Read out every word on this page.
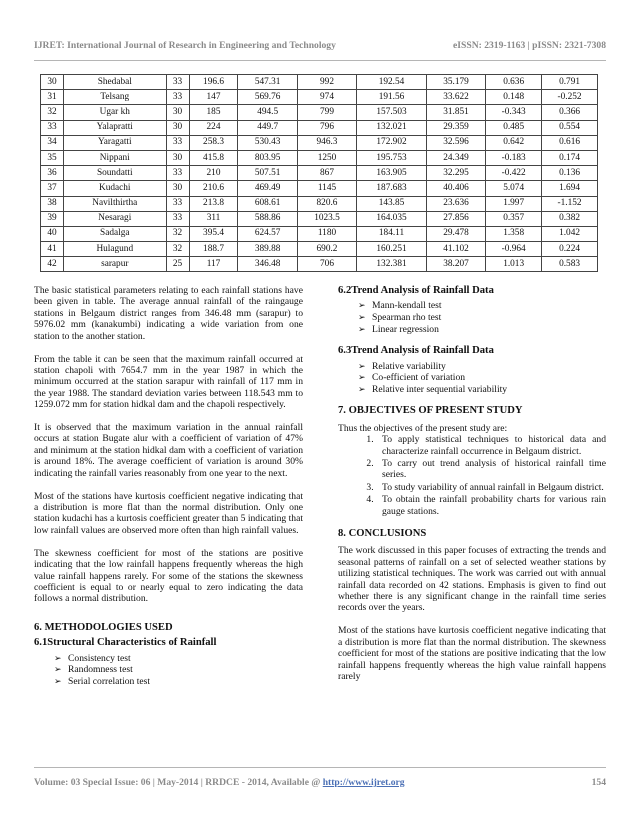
IJRET: International Journal of Research in Engineering and Technology	eISSN: 2319-1163 | pISSN: 2321-7308
30	Shedabal	33	196.6	547.31	992	192.54	35.179	0.636	0.791
31	Telsang	33	147	569.76	974	191.56	33.622	0.148	-0.252
32	Ugar kh	30	185	494.5	799	157.503	31.851	-0.343	0.366
33	Yalapratti	30	224	449.7	796	132.021	29.359	0.485	0.554
34	Yaragatti	33	258.3	530.43	946.3	172.902	32.596	0.642	0.616
35	Nippani	30	415.8	803.95	1250	195.753	24.349	-0.183	0.174
36	Soundatti	33	210	507.51	867	163.905	32.295	-0.422	0.136
37	Kudachi	30	210.6	469.49	1145	187.683	40.406	5.074	1.694
38	Navilthirtha	33	213.8	608.61	820.6	143.85	23.636	1.997	-1.152
39	Nesaragi	33	311	588.86	1023.5	164.035	27.856	0.357	0.382
40	Sadalga	32	395.4	624.57	1180	184.11	29.478	1.358	1.042
41	Hulagund	32	188.7	389.88	690.2	160.251	41.102	-0.964	0.224
42	sarapur	25	117	346.48	706	132.381	38.207	1.013	0.583

The basic statistical parameters relating to each rainfall stations have been given in table. The average annual rainfall of the raingauge stations in Belgaum district ranges from 346.48 mm (sarapur) to 5976.02 mm (kanakumbi) indicating a wide variation from one station to the another station.

From the table it can be seen that the maximum rainfall occurred at station chapoli with 7654.7 mm in the year 1987 in which the minimum occurred at the station sarapur with rainfall of 117 mm in the year 1988. The standard deviation varies between 118.543 mm to 1259.072 mm for station hidkal dam and the chapoli respectively.

It is observed that the maximum variation in the annual rainfall occurs at station Bugate alur with a coefficient of variation of 47% and minimum at the station hidkal dam with a coefficient of variation is around 18%. The average coefficient of variation is around 30% indicating the rainfall varies reasonably from one year to the next.

Most of the stations have kurtosis coefficient negative indicating that a distribution is more flat than the normal distribution. Only one station kudachi has a kurtosis coefficient greater than 5 indicating that low rainfall values are observed more often than high rainfall values.

The skewness coefficient for most of the stations are positive indicating that the low rainfall happens frequently whereas the high value rainfall happens rarely. For some of the stations the skewness coefficient is equal to or nearly equal to zero indicating the data follows a normal distribution.

6. METHODOLOGIES USED
6.1Structural Characteristics of Rainfall
➢ Consistency test
➢ Randomness test
➢ Serial correlation test
6.2Trend Analysis of Rainfall Data
➢ Mann-kendall test
➢ Spearman rho test
➢ Linear regression
6.3Trend Analysis of Rainfall Data
➢ Relative variability
➢ Co-efficient of variation
➢ Relative inter sequential variability
7. OBJECTIVES OF PRESENT STUDY

Thus the objectives of the present study are:

1. To apply statistical techniques to historical data and characterize rainfall occurrence in Belgaum district.
2. To carry out trend analysis of historical rainfall time series.
3. To study variability of annual rainfall in Belgaum district.
4. To obtain the rainfall probability charts for various rain gauge stations.
8. CONCLUSIONS

The work discussed in this paper focuses of extracting the trends and seasonal patterns of rainfall on a set of selected weather stations by utilizing statistical techniques. The work was carried out with annual rainfall data recorded on 42 stations. Emphasis is given to find out whether there is any significant change in the rainfall time series records over the years.

Most of the stations have kurtosis coefficient negative indicating that a distribution is more flat than the normal distribution. The skewness coefficient for most of the stations are positive indicating that the low rainfall happens frequently whereas the high value rainfall happens rarely

Volume: 03 Special Issue: 06 | May-2014 | RRDCE - 2014, Available @ http://www.ijret.org	154
